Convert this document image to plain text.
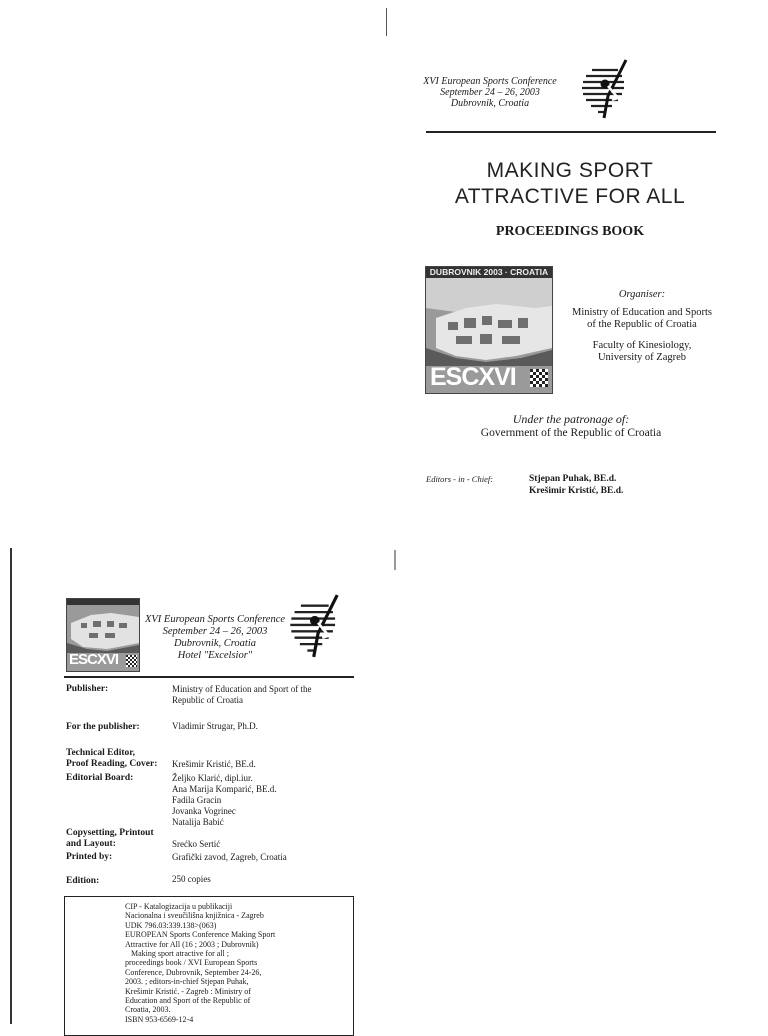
XVI European Sports Conference
September 24 – 26, 2003
Dubrovnik, Croatia
MAKING SPORT
ATTRACTIVE FOR ALL
PROCEEDINGS BOOK
DUBROVNIK 2003 · CROATIA
ESCXVI
Organiser:
Ministry of Education and Sports
of the Republic of Croatia
Faculty of Kinesiology,
University of Zagreb
Under the patronage of:
Government of the Republic of Croatia
Editors - in - Chief:	Stjepan Puhak, BE.d.
Krešimir Kristić, BE.d.
ESCXVI
XVI European Sports Conference
September 24 – 26, 2003
Dubrovnik, Croatia
Hotel "Excelsior"
Publisher:	Ministry of Education and Sport of the
Republic of Croatia
For the publisher:	Vladimir Strugar, Ph.D.
Technical Editor,
Proof Reading, Cover:	Krešimir Kristić, BE.d.
Editorial Board:	Željko Klarić, dipl.iur.
Ana Marija Komparić, BE.d.
Fadila Gracin
Jovanka Vogrinec
Natalija Babić
Copysetting, Printout
and Layout:	Srećko Sertić
Printed by:	Grafički zavod, Zagreb, Croatia
Edition:	250 copies
CIP - Katalogizacija u publikaciji
Nacionalna i sveučilišna knjižnica - Zagreb
UDK 796.03:339.138>(063)
EUROPEAN Sports Conference Making Sport
Attractive for All (16 ; 2003 ; Dubrovnik)
Making sport atractive for all ;
proceedings book / XVI European Sports
Conference, Dubrovnik, September 24-26,
2003. ; editors-in-chief Stjepan Puhak,
Krešimir Kristić. - Zagreb : Ministry of
Education and Sport of the Republic of
Croatia, 2003.
ISBN 953-6569-12-4
